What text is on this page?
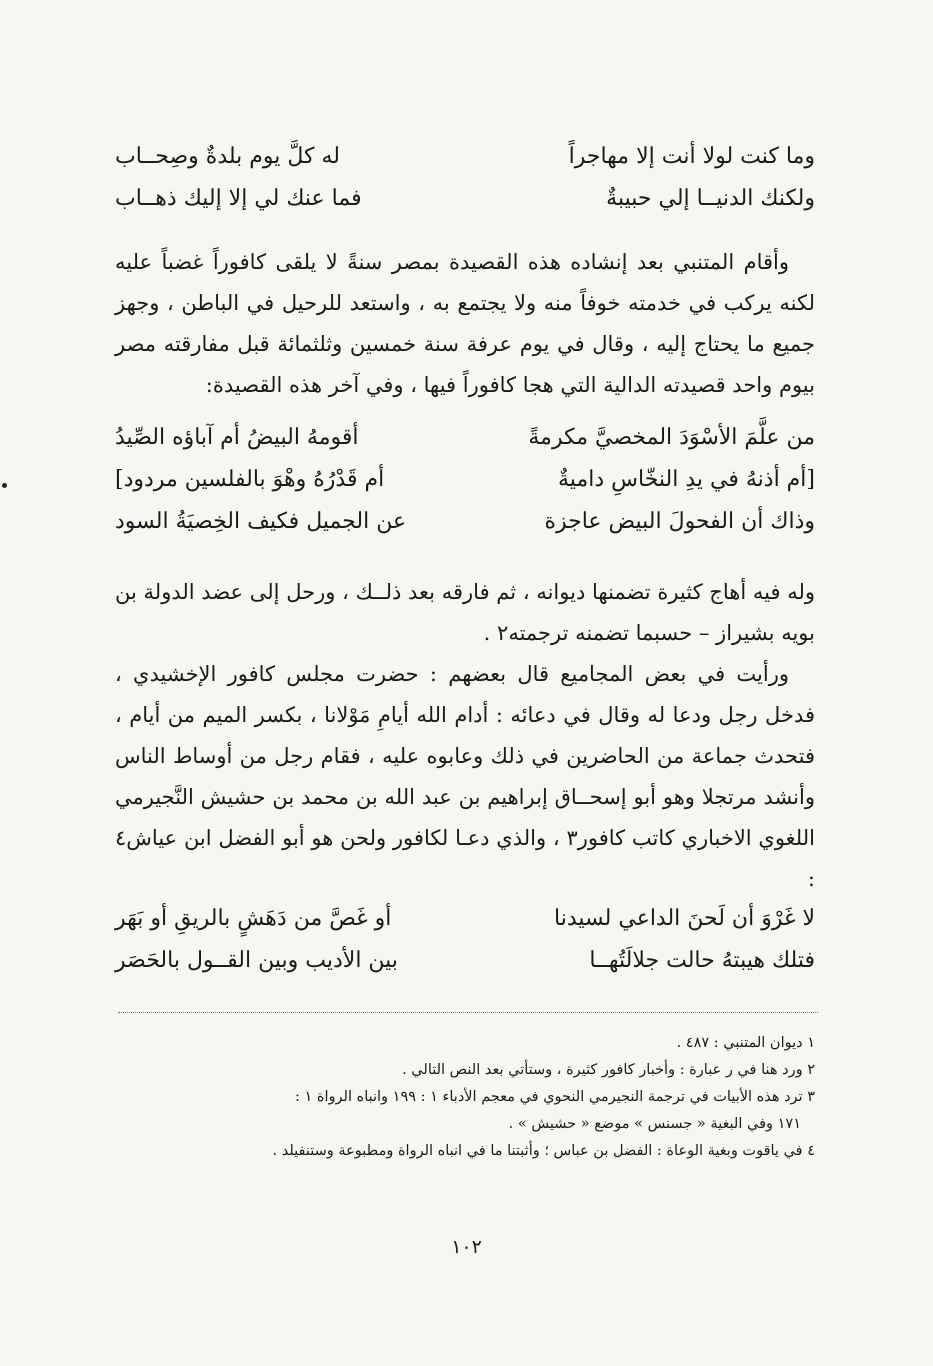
وما كنت لولا أنت إلا مهاجراً
له كلَّ يوم بلدةٌ وصِحــاب
ولكنك الدنيــا إلي حبيبةٌ
فما عنك لي إلا إليك ذهــاب

وأقام المتنبي بعد إنشاده هذه القصيدة بمصر سنةً لا يلقى كافوراً غضباً عليه لكنه يركب في خدمته خوفاً منه ولا يجتمع به ، واستعد للرحيل في الباطن ، وجهز جميع ما يحتاج إليه ، وقال في يوم عرفة سنة خمسين وثلثمائة قبل مفارقته مصر بيوم واحد قصيدته الدالية التي هجا كافوراً فيها ، وفي آخر هذه القصيدة:

من علَّمَ الأسْوَدَ المخصيَّ مكرمةً
أقومهُ البيضُ أم آباؤه الصِّيدُ
[أم أذنهُ في يدِ النخّاسِ داميةٌ
أم قَدْرُهُ وهْوَ بالفلسين مردود]
وذاك أن الفحولَ البيض عاجزة
عن الجميل فكيف الخِصيَةُ السود

وله فيه أهاج كثيرة تضمنها ديوانه ، ثم فارقه بعد ذلــك ، ورحل إلى عضد الدولة بن بويه بشيراز – حسبما تضمنه ترجمته٢ .

ورأيت في بعض المجاميع قال بعضهم : حضرت مجلس كافور الإخشيدي ، فدخل رجل ودعا له وقال في دعائه : أدام الله أيامِ مَوْلانا ، بكسر الميم من أيام ، فتحدث جماعة من الحاضرين في ذلك وعابوه عليه ، فقام رجل من أوساط الناس وأنشد مرتجلا وهو أبو إسحــاق إبراهيم بن عبد الله بن محمد بن حشيش النَّجيرمي اللغوي الاخباري كاتب كافور٣ ، والذي دعـا لكافور ولحن هو أبو الفضل ابن عياش٤ :

لا غَرْوَ أن لَحنَ الداعي لسيدنا
أو غَصَّ من دَهَشٍ بالريقِ أو بَهَر
فتلك هيبتهُ حالت جلالَتُهــا
بين الأديب وبين القــول بالحَصَر

١ ديوان المتنبي : ٤٨٧ .

٢ ورد هنا في ر عبارة : وأخبار كافور كثيرة ، وستأتي بعد النص التالي .

٣ ترد هذه الأبيات في ترجمة النجيرمي النحوي في معجم الأدباء ١ : ١٩٩ وانباه الرواة ١ :

١٧١ وفي البغية « جسنس » موضع « حشيش » .

٤ في ياقوت وبغية الوعاة : الفضل بن عباس ؛ وأثبتنا ما في انباه الرواة ومطبوعة وستنفيلد .

١٠٢
